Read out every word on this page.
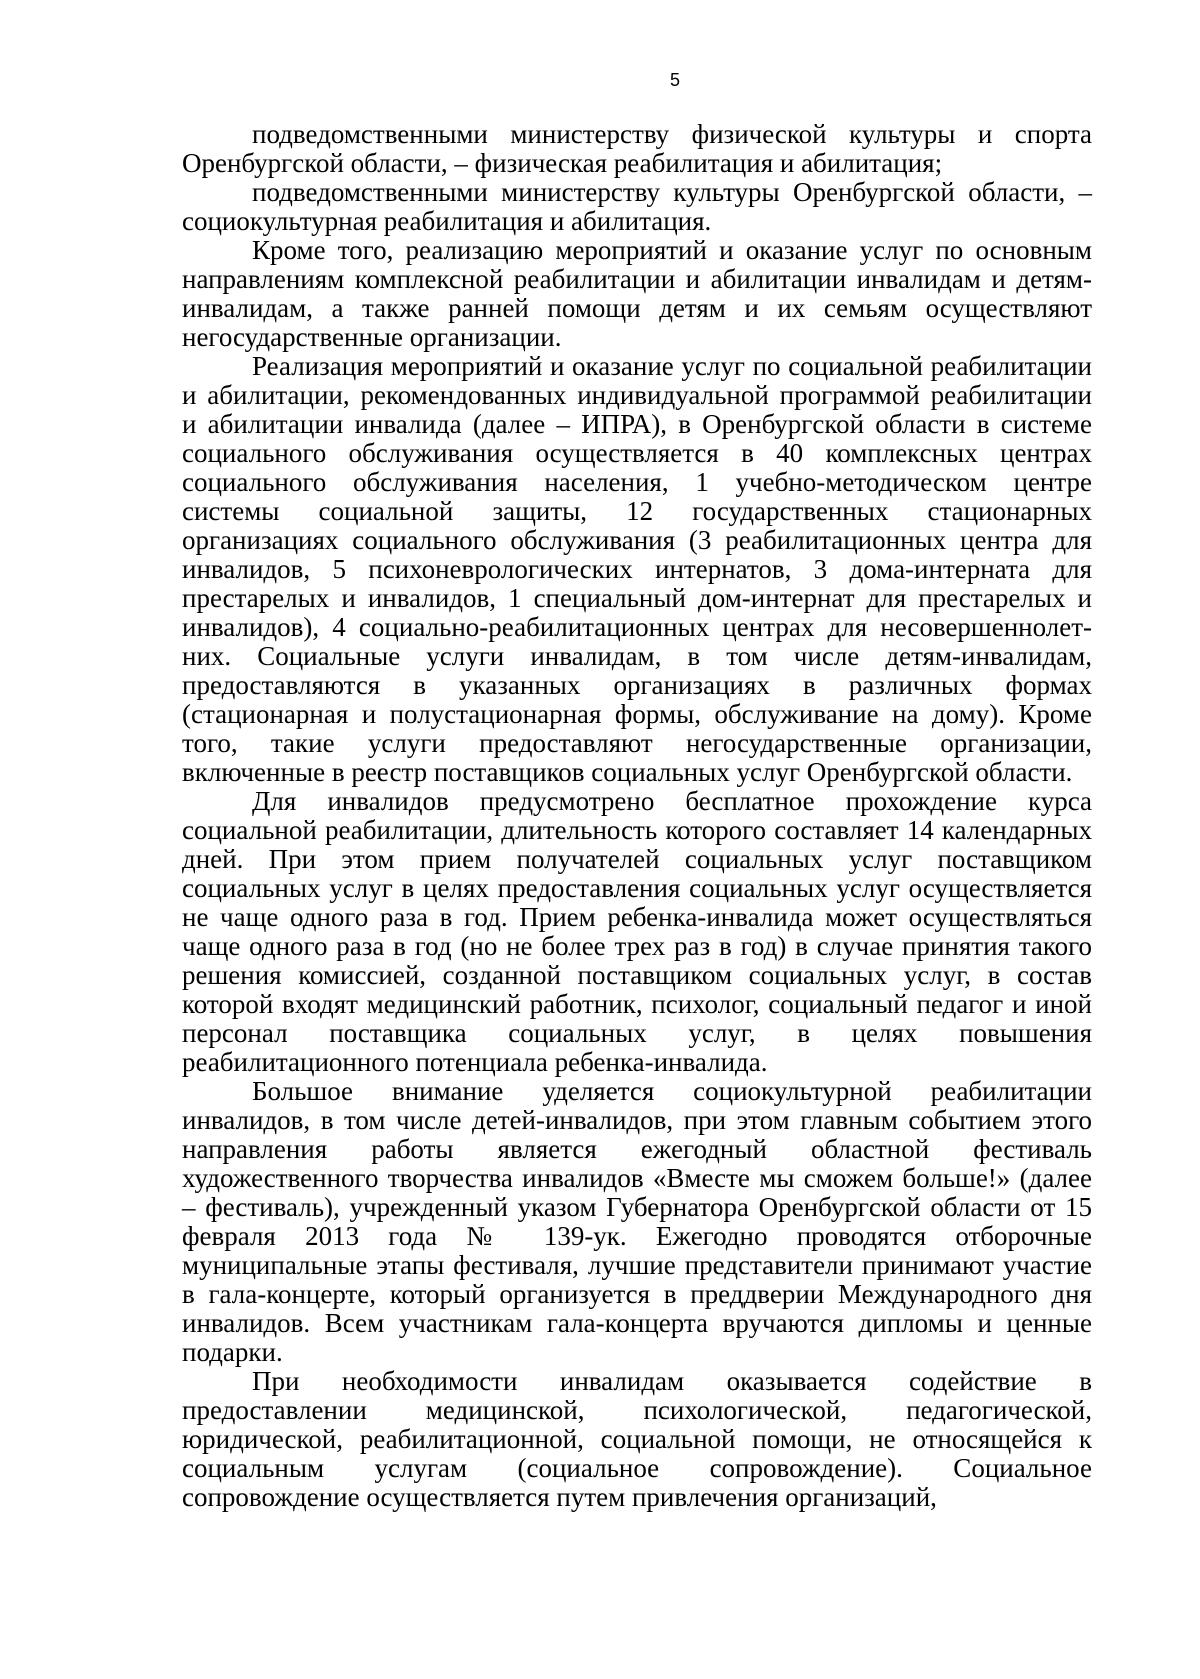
5

подведомственными министерству физической культуры и спорта Оренбургской области, – физическая реабилитация и абилитация;

подведомственными министерству культуры Оренбургской области, – социокультурная реабилитация и абилитация.

Кроме того, реализацию мероприятий и оказание услуг по основным направлениям комплексной реабилитации и абилитации инвалидам и детям-инвалидам, а также ранней помощи детям и их семьям осуществляют негосударственные организации.

Реализация мероприятий и оказание услуг по социальной реабилитации и абилитации, рекомендованных индивидуальной программой реабилитации и абилитации инвалида (далее – ИПРА), в Оренбургской области в системе социального обслуживания осуществляется в 40 комплексных центрах социального обслуживания населения, 1 учебно-методическом центре системы социальной защиты, 12 государственных стационарных организациях социального обслуживания (3 реабилитационных центра для инвалидов, 5 психоневрологических интернатов, 3 дома-интерната для престарелых и инвалидов, 1 специальный дом-интернат для престарелых и инвалидов), 4 социально-реабилитационных центрах для несовершеннолетних. Социальные услуги инвалидам, в том числе детям-инвалидам, предоставляются в указанных организациях в различных формах (стационарная и полустационарная формы, обслуживание на дому). Кроме того, такие услуги предоставляют негосударственные организации, включенные в реестр поставщиков социальных услуг Оренбургской области.

Для инвалидов предусмотрено бесплатное прохождение курса социальной реабилитации, длительность которого составляет 14 календарных дней. При этом прием получателей социальных услуг поставщиком социальных услуг в целях предоставления социальных услуг осуществляется не чаще одного раза в год. Прием ребенка-инвалида может осуществляться чаще одного раза в год (но не более трех раз в год) в случае принятия такого решения комиссией, созданной поставщиком социальных услуг, в состав которой входят медицинский работник, психолог, социальный педагог и иной персонал поставщика социальных услуг, в целях повышения реабилитационного потенциала ребенка-инвалида.

Большое внимание уделяется социокультурной реабилитации инвалидов, в том числе детей-инвалидов, при этом главным событием этого направления работы является ежегодный областной фестиваль художественного творчества инвалидов «Вместе мы сможем больше!» (далее – фестиваль), учрежденный указом Губернатора Оренбургской области от 15 февраля 2013 года № 139-ук. Ежегодно проводятся отборочные муниципальные этапы фестиваля, лучшие представители принимают участие в гала-концерте, который организуется в преддверии Международного дня инвалидов. Всем участникам гала-концерта вручаются дипломы и ценные подарки.

При необходимости инвалидам оказывается содействие в предоставлении медицинской, психологической, педагогической, юридической, реабилитационной, социальной помощи, не относящейся к социальным услугам (социальное сопровождение). Социальное сопровождение осуществляется путем привлечения организаций,
